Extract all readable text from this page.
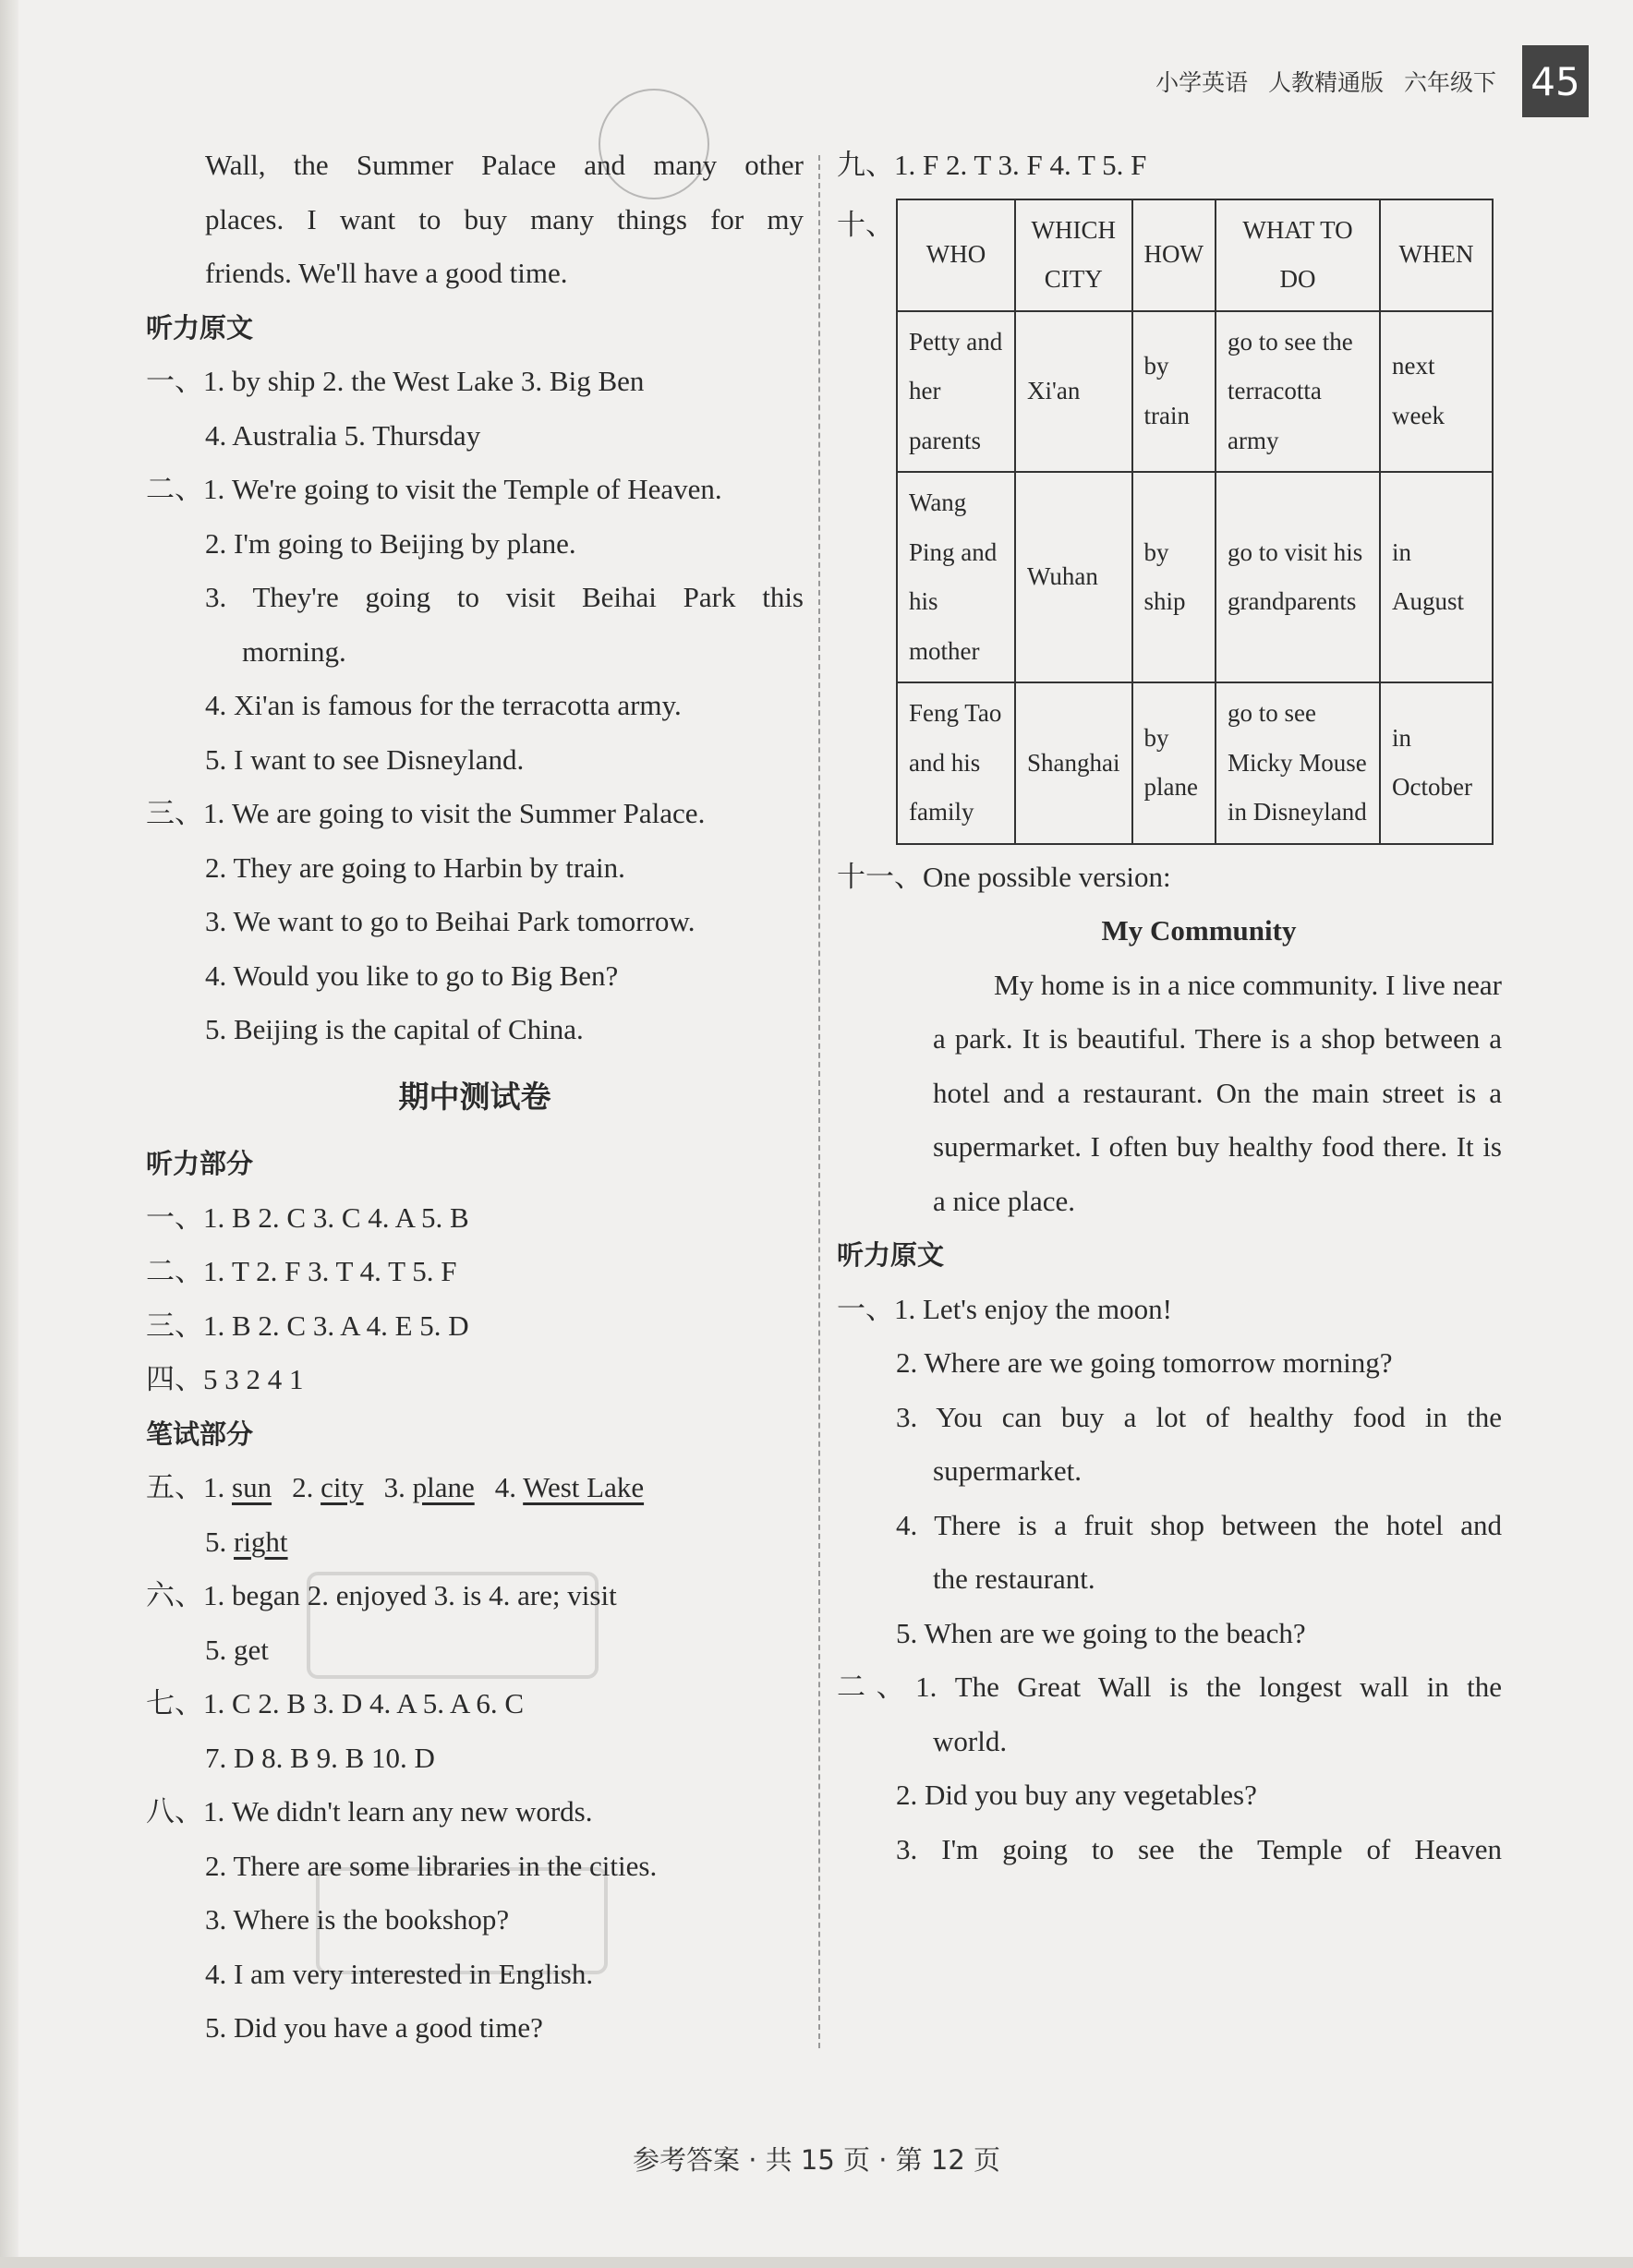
小学英语 人教精通版 六年级下 45
Wall, the Summer Palace and many other
places. I want to buy many things for my
friends. We'll have a good time.
听力原文
一、1. by ship 2. the West Lake 3. Big Ben
4. Australia 5. Thursday
二、1. We're going to visit the Temple of Heaven.
2. I'm going to Beijing by plane.
3. They're going to visit Beihai Park this
morning.
4. Xi'an is famous for the terracotta army.
5. I want to see Disneyland.
三、1. We are going to visit the Summer Palace.
2. They are going to Harbin by train.
3. We want to go to Beihai Park tomorrow.
4. Would you like to go to Big Ben?
5. Beijing is the capital of China.
期中测试卷
听力部分
一、1. B 2. C 3. C 4. A 5. B
二、1. T 2. F 3. T 4. T 5. F
三、1. B 2. C 3. A 4. E 5. D
四、5 3 2 4 1
笔试部分
五、1. sun 2. city 3. plane 4. West Lake
5. right
六、1. began 2. enjoyed 3. is 4. are; visit
5. get
七、1. C 2. B 3. D 4. A 5. A 6. C
7. D 8. B 9. B 10. D
八、1. We didn't learn any new words.
2. There are some libraries in the cities.
3. Where is the bookshop?
4. I am very interested in English.
5. Did you have a good time?
九、1. F 2. T 3. F 4. T 5. F
十、
WHO	WHICH CITY	HOW	WHAT TO DO	WHEN
Petty and her parents	Xi'an	by train	go to see the terracotta army	next week
Wang Ping and his mother	Wuhan	by ship	go to visit his grandparents	in August
Feng Tao and his family	Shanghai	by plane	go to see Micky Mouse in Disneyland	in October
十一、One possible version:
My Community

My home is in a nice community. I live near a park. It is beautiful. There is a shop between a hotel and a restaurant. On the main street is a supermarket. I often buy healthy food there. It is a nice place.

听力原文
一、1. Let's enjoy the moon!
2. Where are we going tomorrow morning?
3. You can buy a lot of healthy food in the
supermarket.
4. There is a fruit shop between the hotel and
the restaurant.
5. When are we going to the beach?
二、1. The Great Wall is the longest wall in the
world.
2. Did you buy any vegetables?
3. I'm going to see the Temple of Heaven
参考答案 · 共 15 页 · 第 12 页
